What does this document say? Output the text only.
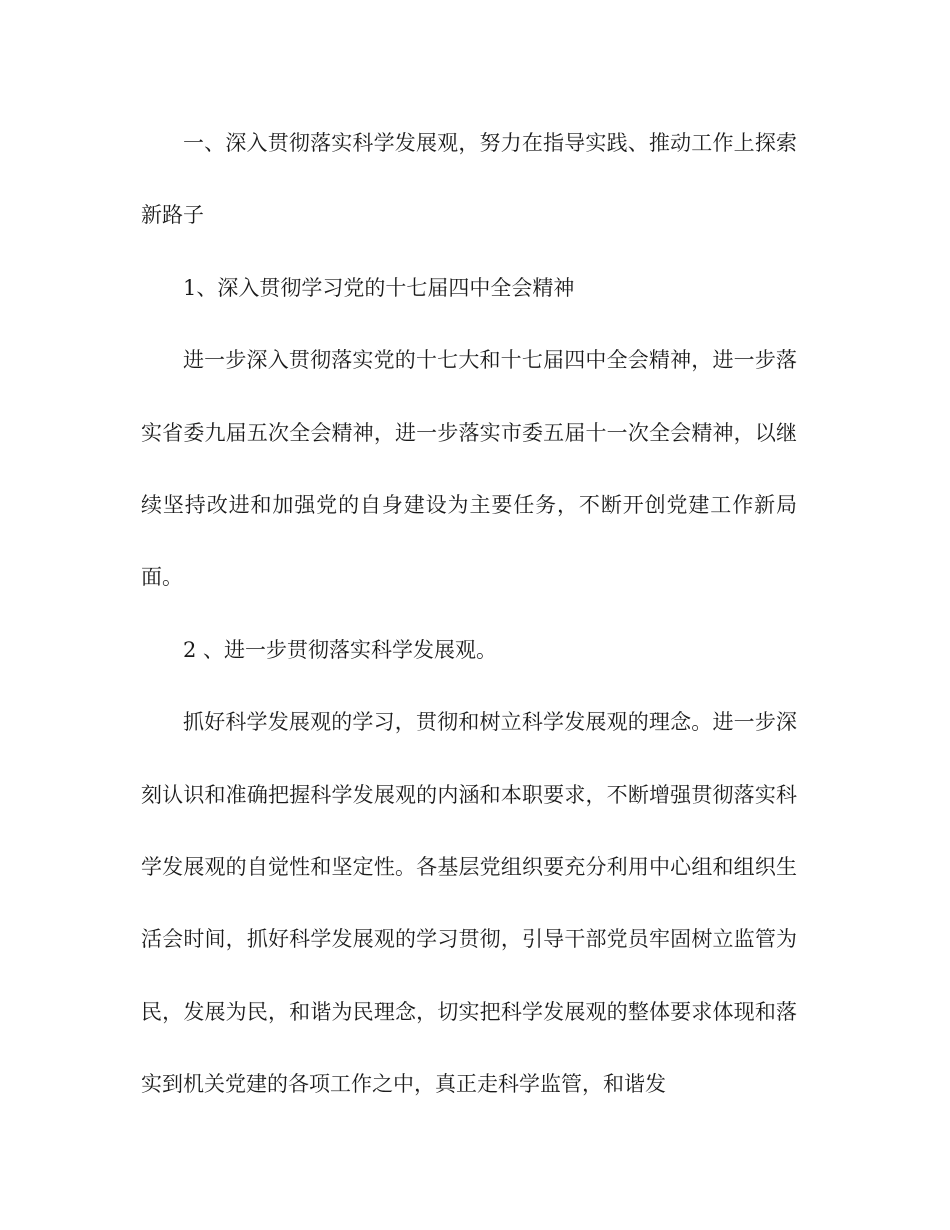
一、深入贯彻落实科学发展观，努力在指导实践、推动工作上探索新路子

1、深入贯彻学习党的十七届四中全会精神

进一步深入贯彻落实党的十七大和十七届四中全会精神，进一步落实省委九届五次全会精神，进一步落实市委五届十一次全会精神，以继续坚持改进和加强党的自身建设为主要任务，不断开创党建工作新局面。

2 、进一步贯彻落实科学发展观。

抓好科学发展观的学习，贯彻和树立科学发展观的理念。进一步深刻认识和准确把握科学发展观的内涵和本职要求，不断增强贯彻落实科学发展观的自觉性和坚定性。各基层党组织要充分利用中心组和组织生活会时间，抓好科学发展观的学习贯彻，引导干部党员牢固树立监管为民，发展为民，和谐为民理念，切实把科学发展观的整体要求体现和落实到机关党建的各项工作之中，真正走科学监管，和谐发
